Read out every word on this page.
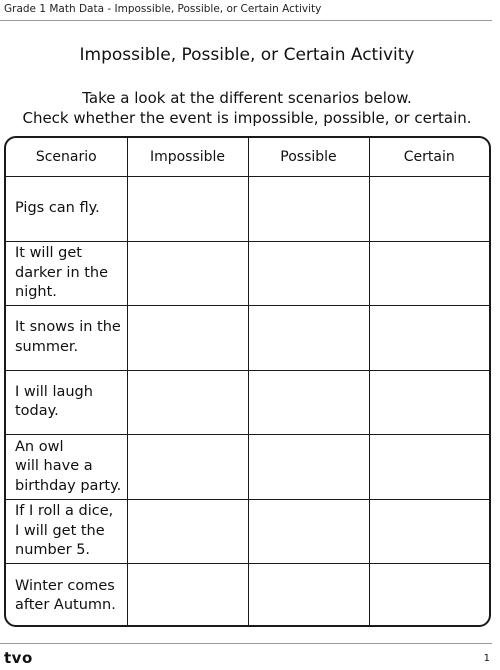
Grade 1 Math Data - Impossible, Possible, or Certain Activity
Impossible, Possible, or Certain Activity
Take a look at the different scenarios below.
Check whether the event is impossible, possible, or certain.
Scenario	Impossible	Possible	Certain

Pigs can fly.			

It will get
darker in the
night.			

It snows in the
summer.			

I will laugh
today.			

An owl
will have a
birthday party.			

If I roll a dice,
I will get the
number 5.			

Winter comes
after Autumn.			

tvo	1
